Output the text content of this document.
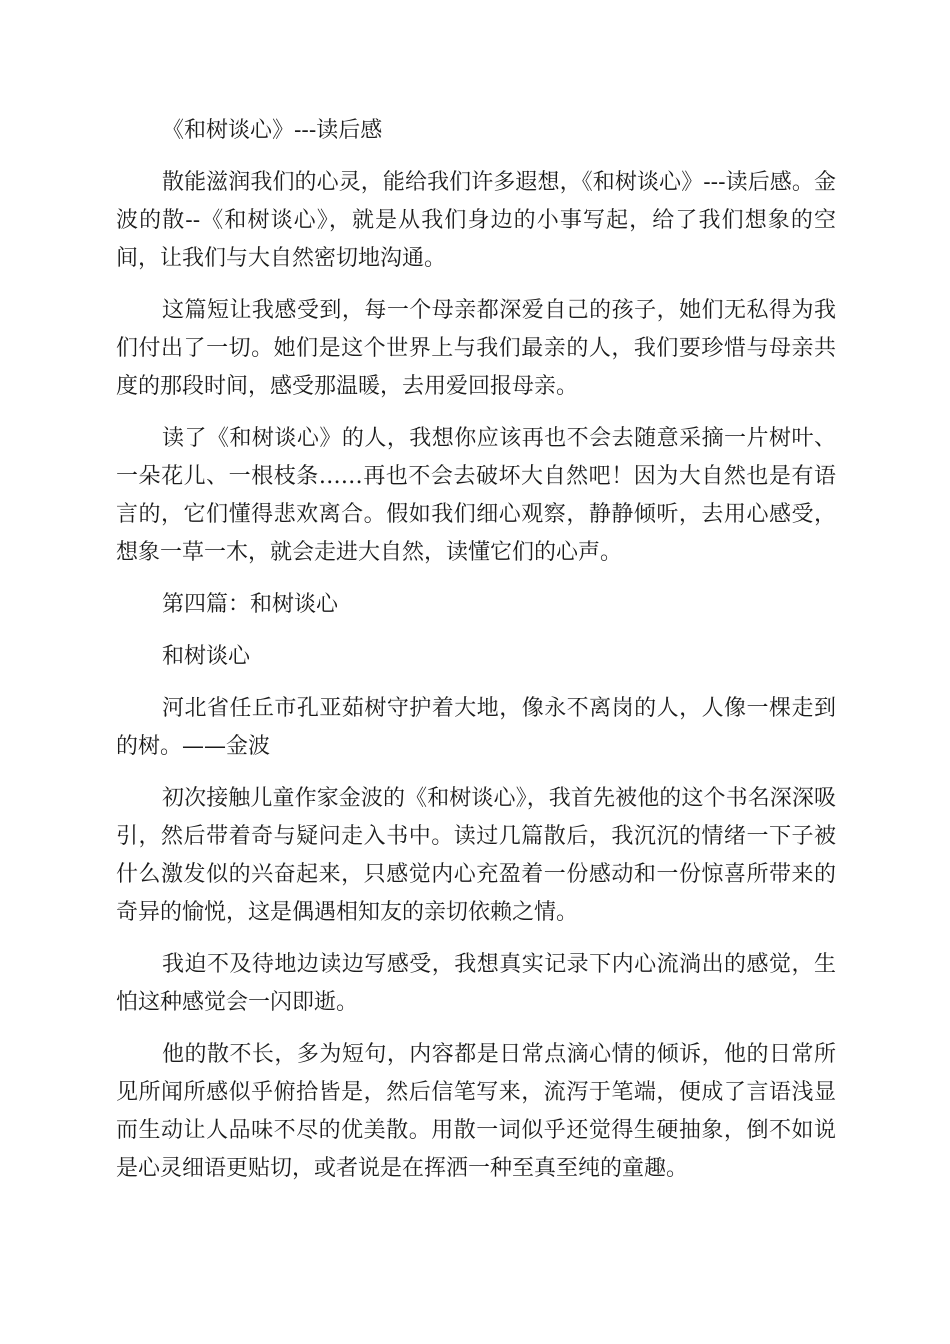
《和树谈心》---读后感

散能滋润我们的心灵，能给我们许多遐想，《和树谈心》---读后感。金波的散--《和树谈心》，就是从我们身边的小事写起，给了我们想象的空间，让我们与大自然密切地沟通。

这篇短让我感受到，每一个母亲都深爱自己的孩子，她们无私得为我们付出了一切。她们是这个世界上与我们最亲的人，我们要珍惜与母亲共度的那段时间，感受那温暖，去用爱回报母亲。

读了《和树谈心》的人，我想你应该再也不会去随意采摘一片树叶、一朵花儿、一根枝条……再也不会去破坏大自然吧！因为大自然也是有语言的，它们懂得悲欢离合。假如我们细心观察，静静倾听，去用心感受，想象一草一木，就会走进大自然，读懂它们的心声。

第四篇：和树谈心

和树谈心

河北省任丘市孔亚茹树守护着大地，像永不离岗的人，人像一棵走到的树。——金波

初次接触儿童作家金波的《和树谈心》，我首先被他的这个书名深深吸引，然后带着奇与疑问走入书中。读过几篇散后，我沉沉的情绪一下子被什么激发似的兴奋起来，只感觉内心充盈着一份感动和一份惊喜所带来的奇异的愉悦，这是偶遇相知友的亲切依赖之情。

我迫不及待地边读边写感受，我想真实记录下内心流淌出的感觉，生怕这种感觉会一闪即逝。

他的散不长，多为短句，内容都是日常点滴心情的倾诉，他的日常所见所闻所感似乎俯拾皆是，然后信笔写来，流泻于笔端，便成了言语浅显而生动让人品味不尽的优美散。用散一词似乎还觉得生硬抽象，倒不如说是心灵细语更贴切，或者说是在挥洒一种至真至纯的童趣。
